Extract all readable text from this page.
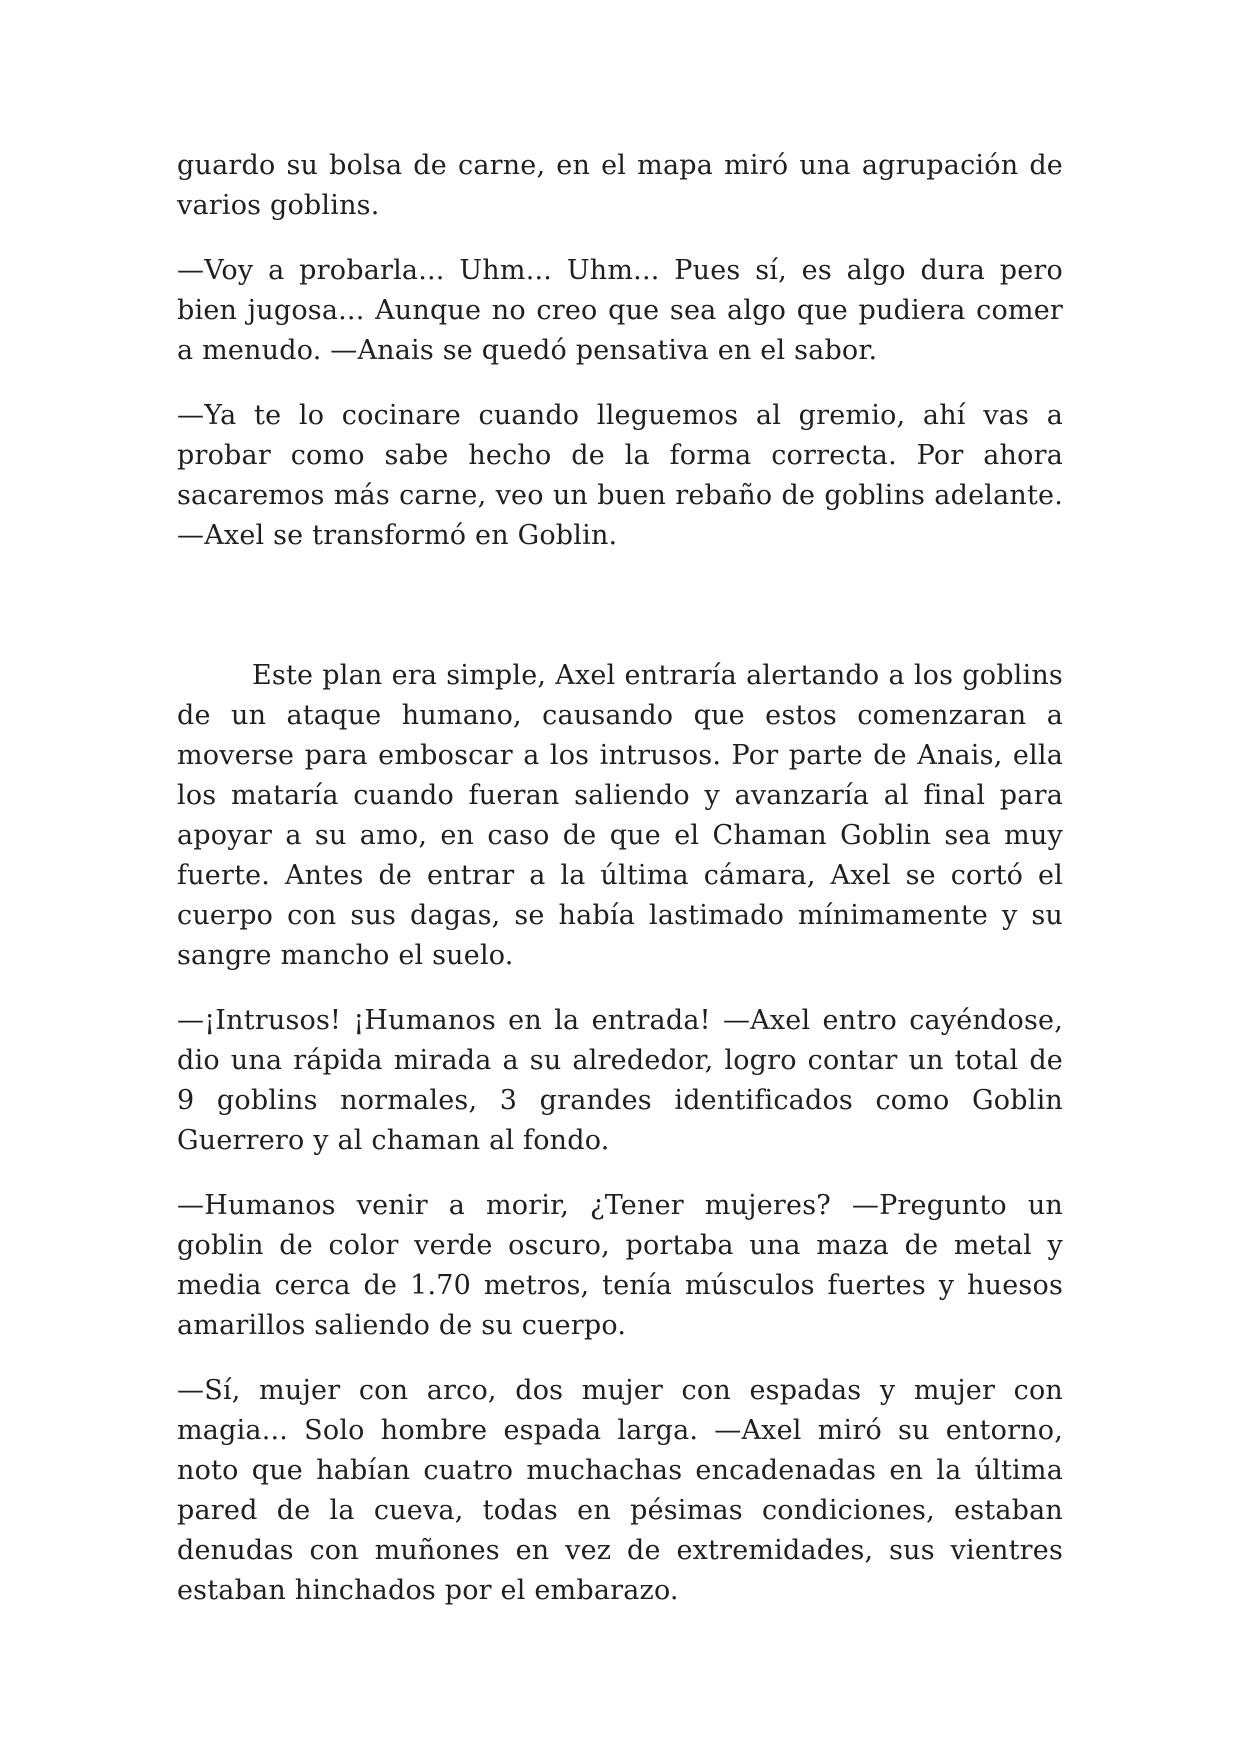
guardo su bolsa de carne, en el mapa miró una agrupación de varios goblins.

—Voy a probarla... Uhm... Uhm... Pues sí, es algo dura pero bien jugosa... Aunque no creo que sea algo que pudiera comer a menudo. —Anais se quedó pensativa en el sabor.

—Ya te lo cocinare cuando lleguemos al gremio, ahí vas a probar como sabe hecho de la forma correcta. Por ahora sacaremos más carne, veo un buen rebaño de goblins adelante. —Axel se transformó en Goblin.

Este plan era simple, Axel entraría alertando a los goblins de un ataque humano, causando que estos comenzaran a moverse para emboscar a los intrusos. Por parte de Anais, ella los mataría cuando fueran saliendo y avanzaría al final para apoyar a su amo, en caso de que el Chaman Goblin sea muy fuerte. Antes de entrar a la última cámara, Axel se cortó el cuerpo con sus dagas, se había lastimado mínimamente y su sangre mancho el suelo.

—¡Intrusos! ¡Humanos en la entrada! —Axel entro cayéndose, dio una rápida mirada a su alrededor, logro contar un total de 9 goblins normales, 3 grandes identificados como Goblin Guerrero y al chaman al fondo.

—Humanos venir a morir, ¿Tener mujeres? —Pregunto un goblin de color verde oscuro, portaba una maza de metal y media cerca de 1.70 metros, tenía músculos fuertes y huesos amarillos saliendo de su cuerpo.

—Sí, mujer con arco, dos mujer con espadas y mujer con magia... Solo hombre espada larga. —Axel miró su entorno, noto que habían cuatro muchachas encadenadas en la última pared de la cueva, todas en pésimas condiciones, estaban denudas con muñones en vez de extremidades, sus vientres estaban hinchados por el embarazo.
